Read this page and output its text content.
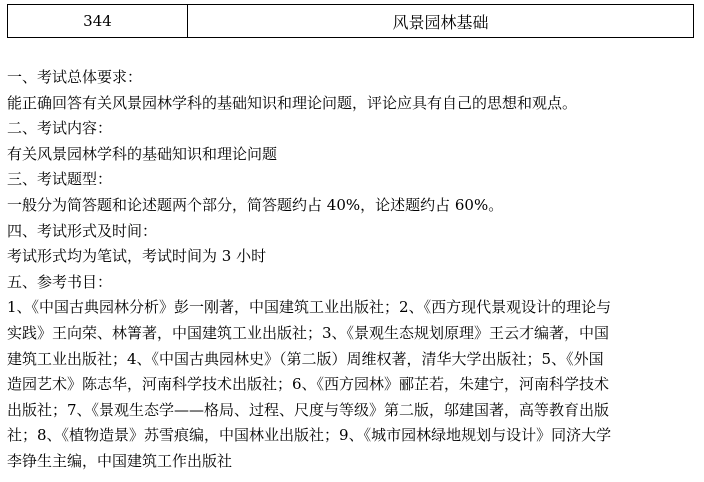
344	风景园林基础
一、考试总体要求：
能正确回答有关风景园林学科的基础知识和理论问题，评论应具有自己的思想和观点。
二、考试内容：
有关风景园林学科的基础知识和理论问题
三、考试题型：
一般分为简答题和论述题两个部分，简答题约占 40%，论述题约占 60%。
四、考试形式及时间：
考试形式均为笔试，考试时间为 3 小时
五、参考书目：
1、《中国古典园林分析》彭一刚著，中国建筑工业出版社；2、《西方现代景观设计的理论与
实践》王向荣、林箐著，中国建筑工业出版社；3、《景观生态规划原理》王云才编著，中国
建筑工业出版社；4、《中国古典园林史》（第二版）周维权著，清华大学出版社；5、《外国
造园艺术》陈志华，河南科学技术出版社；6、《西方园林》郦芷若，朱建宁，河南科学技术
出版社；7、《景观生态学——格局、过程、尺度与等级》第二版，邬建国著，高等教育出版
社；8、《植物造景》苏雪痕编，中国林业出版社；9、《城市园林绿地规划与设计》同济大学
李铮生主编，中国建筑工作出版社
